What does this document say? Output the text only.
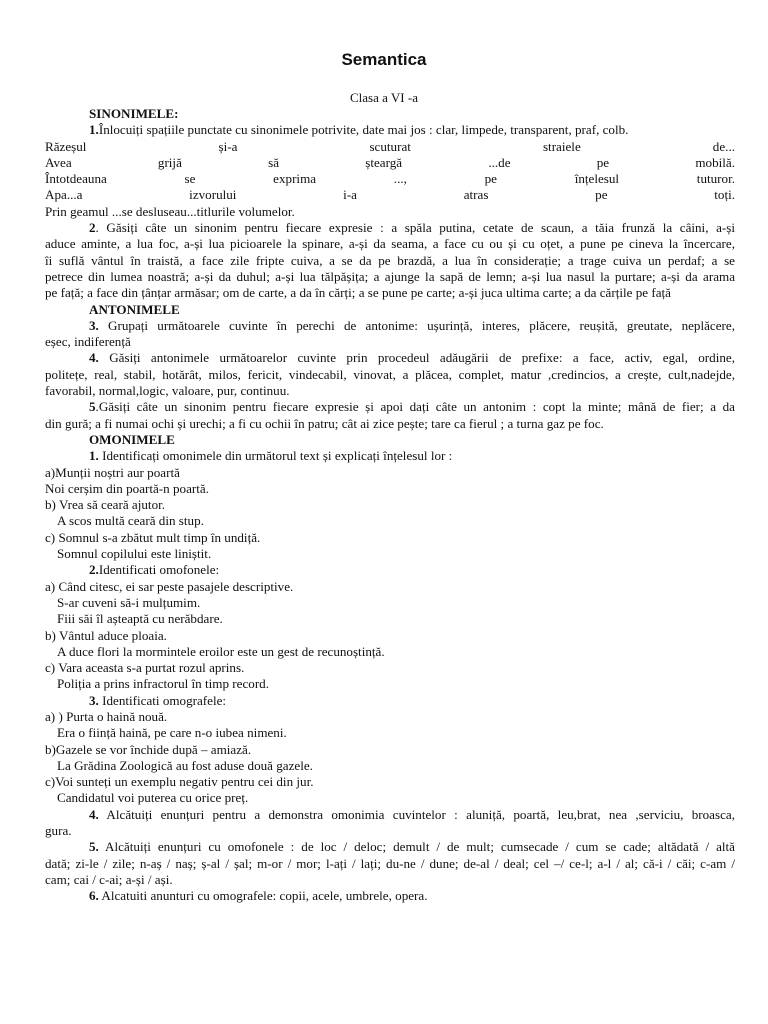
Semantica
Clasa a VI -a
SINONIMELE:
1.Înlocuiți spațiile punctate cu sinonimele potrivite, date mai jos : clar, limpede, transparent, praf, colb.
Răzeșul și-a scuturat straiele de...
Avea grijă să șteargă ...de pe mobilă.
Întotdeauna se exprima ..., pe înțelesul tuturor.
Apa...a izvorului i-a atras pe toți.
Prin geamul ...se desluseau...titlurile volumelor.
2. Găsiți câte un sinonim pentru fiecare expresie : a spăla putina, cetate de scaun, a tăia frunză la câini, a-și
aduce aminte, a lua foc, a-și lua picioarele la spinare, a-și da seama, a face cu ou și cu oțet, a pune pe cineva la încercare,
îi suflă vântul în traistă, a face zile fripte cuiva, a se da pe brazdă, a lua în considerație; a trage cuiva un perdaf; a se
petrece din lumea noastră; a-și da duhul; a-și lua tălpășița; a ajunge la sapă de lemn; a-și lua nasul la purtare; a-și da arama
pe față; a face din țânțar armăsar; om de carte, a da în cărți; a se pune pe carte; a-și juca ultima carte; a da cărțile pe față
ANTONIMELE
3. Grupați următoarele cuvinte în perechi de antonime: ușurință, interes, plăcere, reușită, greutate, neplăcere,
eșec, indiferență
4. Găsiți antonimele următoarelor cuvinte prin procedeul adăugării de prefixe: a face, activ, egal, ordine,
politețe, real, stabil, hotărât, milos, fericit, vindecabil, vinovat, a plăcea, complet, matur ,credincios, a crește, cult,nadejde,
favorabil, normal,logic, valoare, pur, continuu.
5.Găsiți câte un sinonim pentru fiecare expresie și apoi dați câte un antonim : copt la minte; mână de fier; a da
din gură; a fi numai ochi și urechi; a fi cu ochii în patru; cât ai zice pește; tare ca fierul ; a turna gaz pe foc.
OMONIMELE
1. Identificați omonimele din următorul text și explicați înțelesul lor :
a)Munții noștri aur poartă
Noi cerșim din poartă-n poartă.
b) Vrea să ceară ajutor.
A scos multă ceară din stup.
c) Somnul s-a zbătut mult timp în undiță.
Somnul copilului este liniștit.
2.Identificati omofonele:
a) Când citesc, ei sar peste pasajele descriptive.
S-ar cuveni să-i mulțumim.
Fiii săi îl așteaptă cu nerăbdare.
b) Vântul aduce ploaia.
A duce flori la mormintele eroilor este un gest de recunoștință.
c) Vara aceasta s-a purtat rozul aprins.
Poliția a prins infractorul în timp record.
3. Identificati omografele:
a) ) Purta o haină nouă.
Era o ființă haină, pe care n-o iubea nimeni.
b)Gazele se vor închide după – amiază.
La Grădina Zoologică au fost aduse două gazele.
c)Voi sunteți un exemplu negativ pentru cei din jur.
Candidatul voi puterea cu orice preț.
4. Alcătuiți enunțuri pentru a demonstra omonimia cuvintelor : aluniță, poartă, leu,brat, nea ,serviciu, broasca,
gura.
5. Alcătuiți enunțuri cu omofonele : de loc / deloc; demult / de mult; cumsecade / cum se cade; altădată / altă
dată; zi-le / zile; n-aș / naș; ș-al / șal; m-or / mor; l-ați / lați; du-ne / dune; de-al / deal; cel –/ ce-l; a-l / al; că-i / căi; c-am /
cam; cai / c-ai; a-și / ași.
6. Alcatuiti anunturi cu omografele: copii, acele, umbrele, opera.
